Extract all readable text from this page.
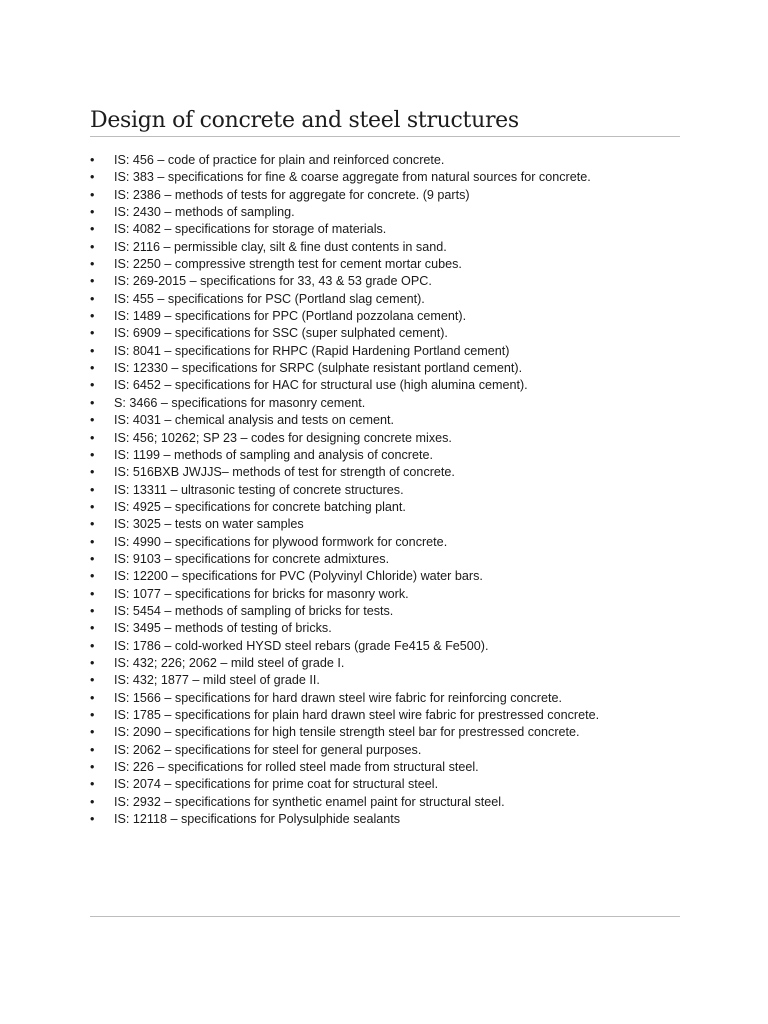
Design of concrete and steel structures
•	IS: 456 – code of practice for plain and reinforced concrete.
•	IS: 383 – specifications for fine & coarse aggregate from natural sources for concrete.
•	IS: 2386 – methods of tests for aggregate for concrete. (9 parts)
•	IS: 2430 – methods of sampling.
•	IS: 4082 – specifications for storage of materials.
•	IS: 2116 – permissible clay, silt & fine dust contents in sand.
•	IS: 2250 – compressive strength test for cement mortar cubes.
•	IS: 269-2015 – specifications for 33, 43 & 53 grade OPC.
•	IS: 455 – specifications for PSC (Portland slag cement).
•	IS: 1489 – specifications for PPC (Portland pozzolana cement).
•	IS: 6909 – specifications for SSC (super sulphated cement).
•	IS: 8041 – specifications for RHPC (Rapid Hardening Portland cement)
•	IS: 12330 – specifications for SRPC (sulphate resistant portland cement).
•	IS: 6452 – specifications for HAC for structural use (high alumina cement).
•	S: 3466 – specifications for masonry cement.
•	IS: 4031 – chemical analysis and tests on cement.
•	IS: 456; 10262; SP 23 – codes for designing concrete mixes.
•	IS: 1199 – methods of sampling and analysis of concrete.
•	IS: 516BXB JWJJS– methods of test for strength of concrete.
•	IS: 13311 – ultrasonic testing of concrete structures.
•	IS: 4925 – specifications for concrete batching plant.
•	IS: 3025 – tests on water samples
•	IS: 4990 – specifications for plywood formwork for concrete.
•	IS: 9103 – specifications for concrete admixtures.
•	IS: 12200 – specifications for PVC (Polyvinyl Chloride) water bars.
•	IS: 1077 – specifications for bricks for masonry work.
•	IS: 5454 – methods of sampling of bricks for tests.
•	IS: 3495 – methods of testing of bricks.
•	IS: 1786 – cold-worked HYSD steel rebars (grade Fe415 & Fe500).
•	IS: 432; 226; 2062 – mild steel of grade I.
•	IS: 432; 1877 – mild steel of grade II.
•	IS: 1566 – specifications for hard drawn steel wire fabric for reinforcing concrete.
•	IS: 1785 – specifications for plain hard drawn steel wire fabric for prestressed concrete.
•	IS: 2090 – specifications for high tensile strength steel bar for prestressed concrete.
•	IS: 2062 – specifications for steel for general purposes.
•	IS: 226 – specifications for rolled steel made from structural steel.
•	IS: 2074 – specifications for prime coat for structural steel.
•	IS: 2932 – specifications for synthetic enamel paint for structural steel.
•	IS: 12118 – specifications for Polysulphide sealants
